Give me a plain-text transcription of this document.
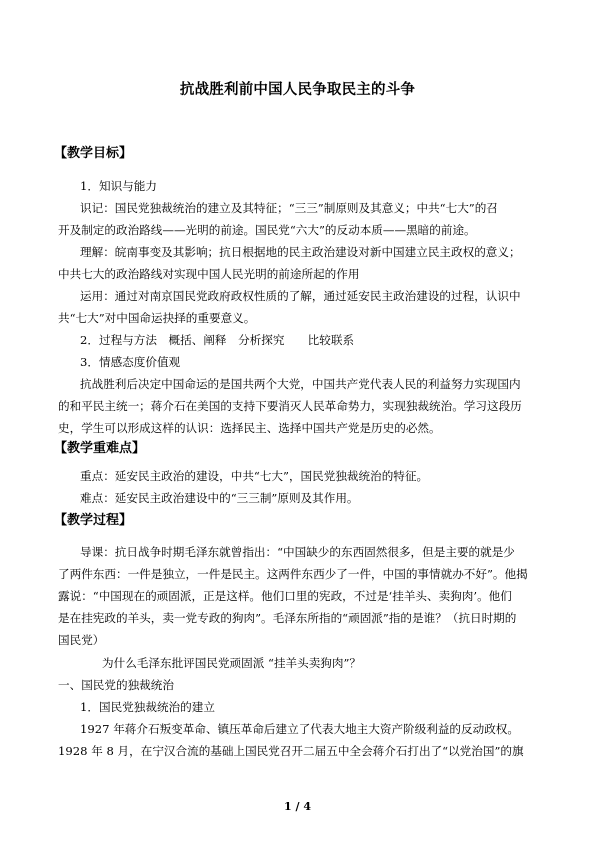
抗战胜利前中国人民争取民主的斗争
【教学目标】
1．知识与能力
识记：国民党独裁统治的建立及其特征；“三三”制原则及其意义；中共“七大”的召
开及制定的政治路线——光明的前途。国民党“六大”的反动本质——黑暗的前途。
理解：皖南事变及其影响；抗日根据地的民主政治建设对新中国建立民主政权的意义；
中共七大的政治路线对实现中国人民光明的前途所起的作用
运用：通过对南京国民党政府政权性质的了解，通过延安民主政治建设的过程，认识中
共“七大”对中国命运抉择的重要意义。
2．过程与方法　概括、阐释　分析探究　　比较联系
3．情感态度价值观
抗战胜利后决定中国命运的是国共两个大党，中国共产党代表人民的利益努力实现国内
的和平民主统一；蒋介石在美国的支持下要消灭人民革命势力，实现独裁统治。学习这段历
史，学生可以形成这样的认识：选择民主、选择中国共产党是历史的必然。
【教学重难点】
重点：延安民主政治的建设，中共“七大”，国民党独裁统治的特征。
难点：延安民主政治建设中的“三三制”原则及其作用。
【教学过程】
导课：抗日战争时期毛泽东就曾指出：“中国缺少的东西固然很多，但是主要的就是少
了两件东西：一件是独立，一件是民主。这两件东西少了一件，中国的事情就办不好”。他揭
露说：“中国现在的顽固派，正是这样。他们口里的宪政，不过是‘挂羊头、卖狗肉’。他们
是在挂宪政的羊头，卖一党专政的狗肉”。毛泽东所指的“顽固派”指的是谁？（抗日时期的
国民党）
为什么毛泽东批评国民党顽固派 “挂羊头卖狗肉”？
一、国民党的独裁统治
1．国民党独裁统治的建立
1927 年蒋介石叛变革命、镇压革命后建立了代表大地主大资产阶级利益的反动政权。
1928 年 8 月，在宁汉合流的基础上国民党召开二届五中全会蒋介石打出了“以党治国”的旗
1 / 4
